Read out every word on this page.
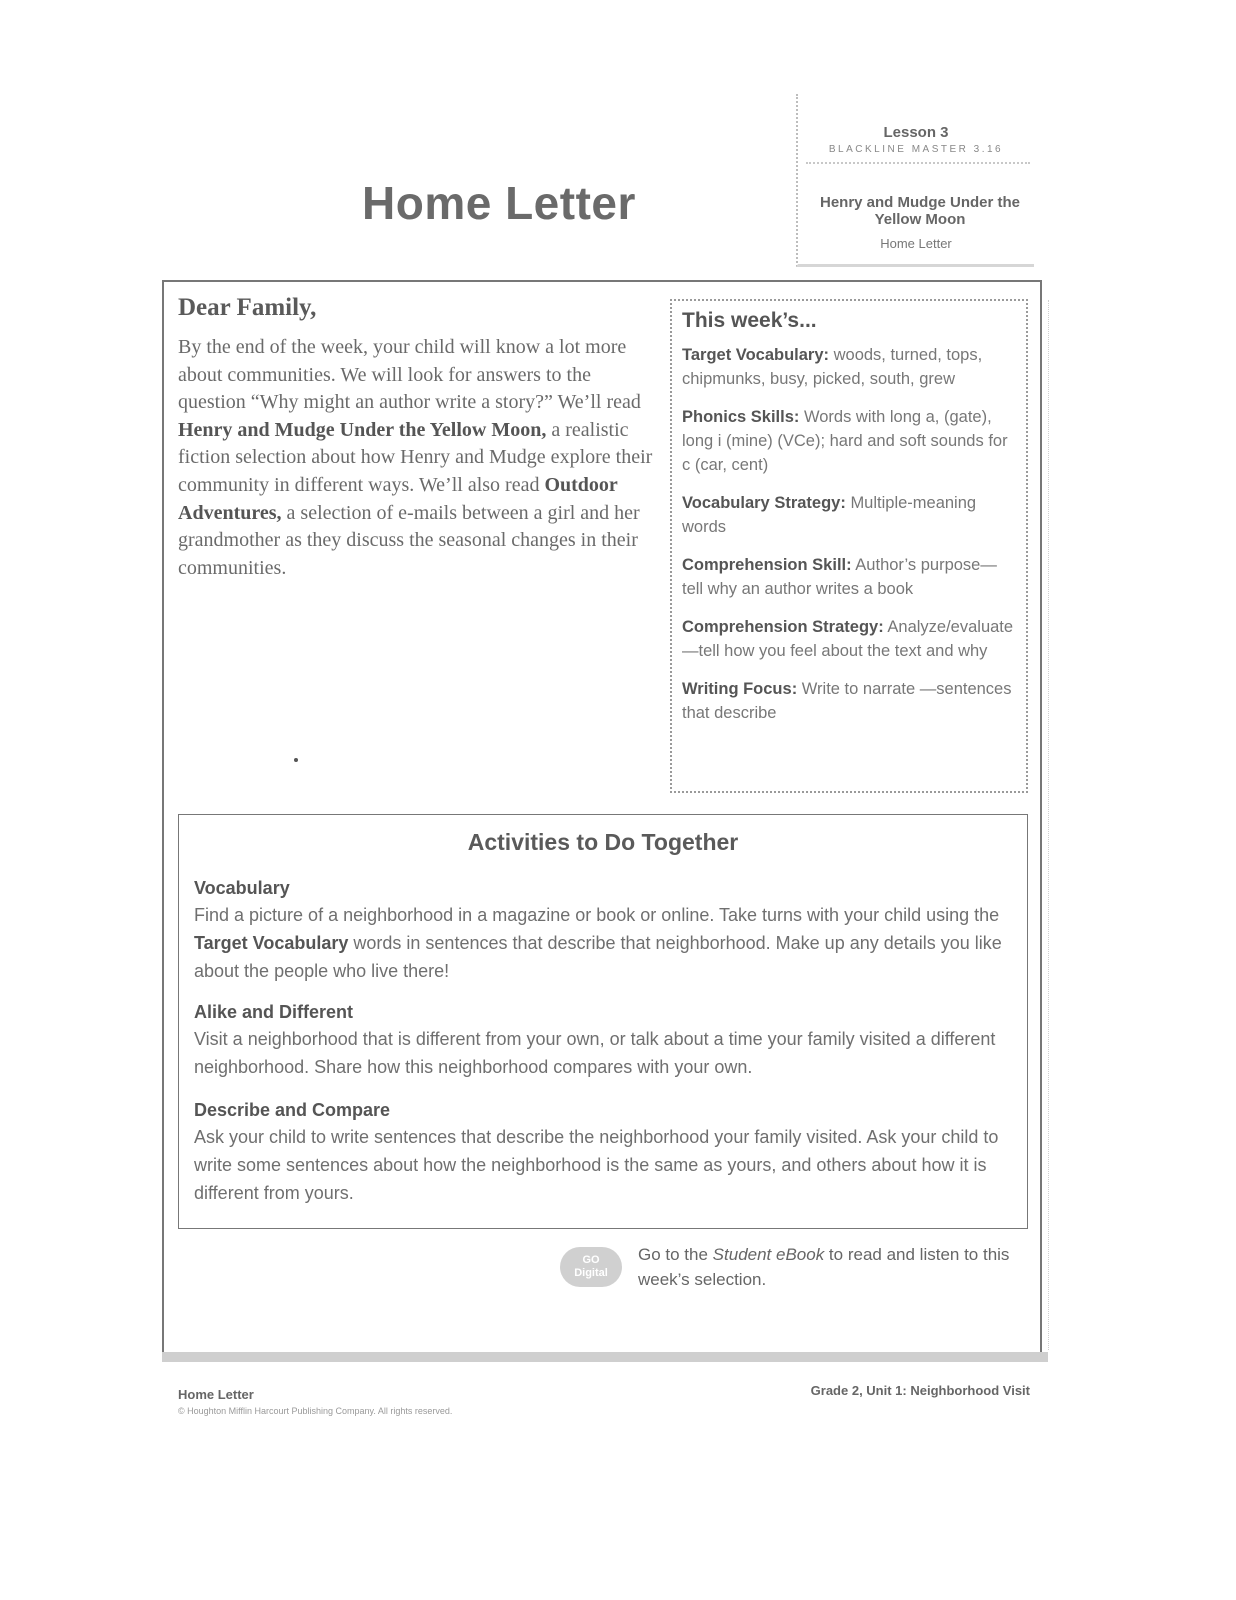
Home Letter
Lesson 3
BLACKLINE MASTER 3.16
Henry and Mudge Under the Yellow Moon
Home Letter
Dear Family,
By the end of the week, your child will know a lot more about communities. We will look for answers to the question “Why might an author write a story?” We’ll read Henry and Mudge Under the Yellow Moon, a realistic fiction selection about how Henry and Mudge explore their community in different ways. We’ll also read Outdoor Adventures, a selection of e-mails between a girl and her grandmother as they discuss the seasonal changes in their communities.
This week’s...
Target Vocabulary: woods, turned, tops, chipmunks, busy, picked, south, grew
Phonics Skills: Words with long a, (gate), long i (mine) (VCe); hard and soft sounds for c (car, cent)
Vocabulary Strategy: Multiple-meaning words
Comprehension Skill: Author’s purpose—tell why an author writes a book
Comprehension Strategy: Analyze/evaluate—tell how you feel about the text and why
Writing Focus: Write to narrate —sentences that describe
Activities to Do Together
Vocabulary
Find a picture of a neighborhood in a magazine or book or online. Take turns with your child using the Target Vocabulary words in sentences that describe that neighborhood. Make up any details you like about the people who live there!
Alike and Different
Visit a neighborhood that is different from your own, or talk about a time your family visited a different neighborhood. Share how this neighborhood compares with your own.
Describe and Compare
Ask your child to write sentences that describe the neighborhood your family visited. Ask your child to write some sentences about how the neighborhood is the same as yours, and others about how it is different from yours.
GO
Digital
Go to the Student eBook to read and listen to this week’s selection.
Home Letter
© Houghton Mifflin Harcourt Publishing Company. All rights reserved.
Grade 2, Unit 1: Neighborhood Visit
